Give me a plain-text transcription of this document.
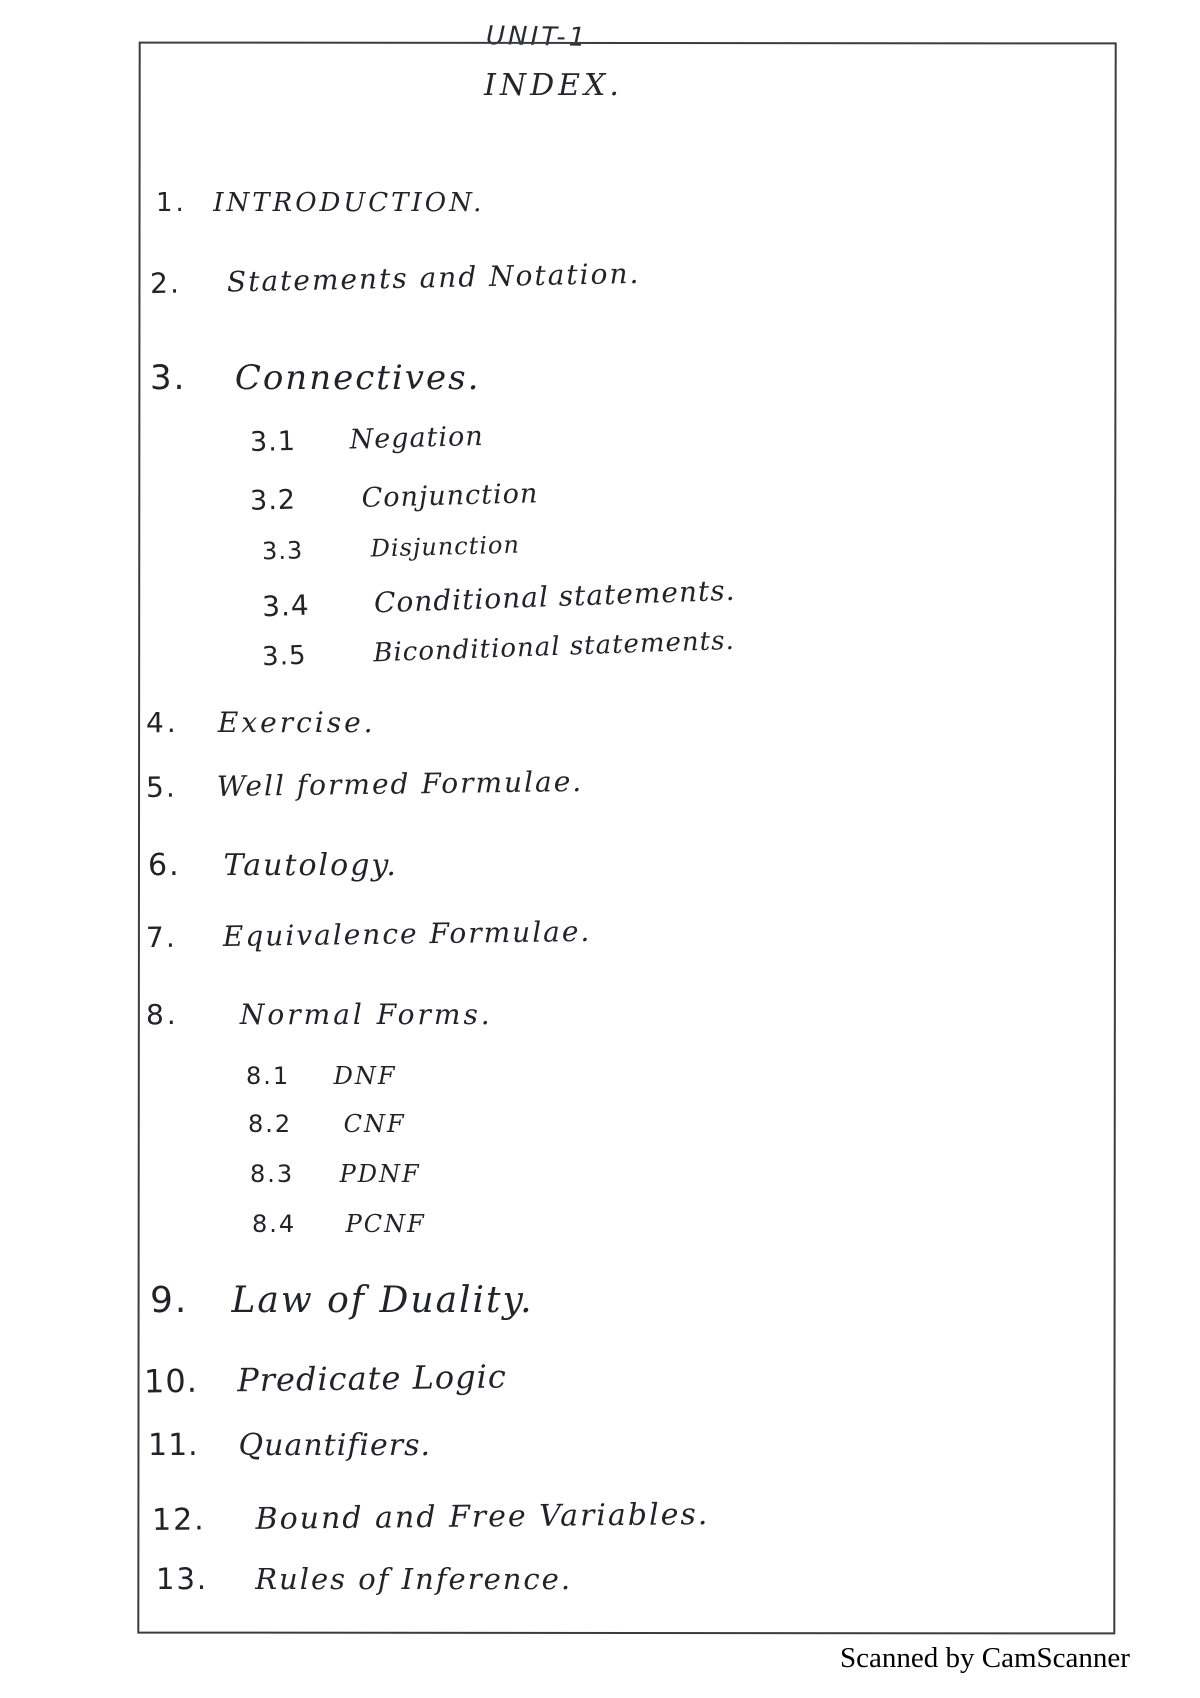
UNIT-1
INDEX.
1. INTRODUCTION.
2. Statements and Notation.
3. Connectives.
3.1 Negation
3.2 Conjunction
3.3	Disjunction
3.4 Conditional statements.
3.5	Biconditional statements.
4. Exercise.
5. Well formed Formulae.
6. Tautology.
7. Equivalence Formulae.
8. Normal Forms.
8.1 DNF
8.2 CNF
8.3 PDNF
8.4 PCNF
9. Law of Duality.
10. Predicate Logic
11. Quantifiers.
12. Bound and Free Variables.
13. Rules of Inference.
Scanned by CamScanner
